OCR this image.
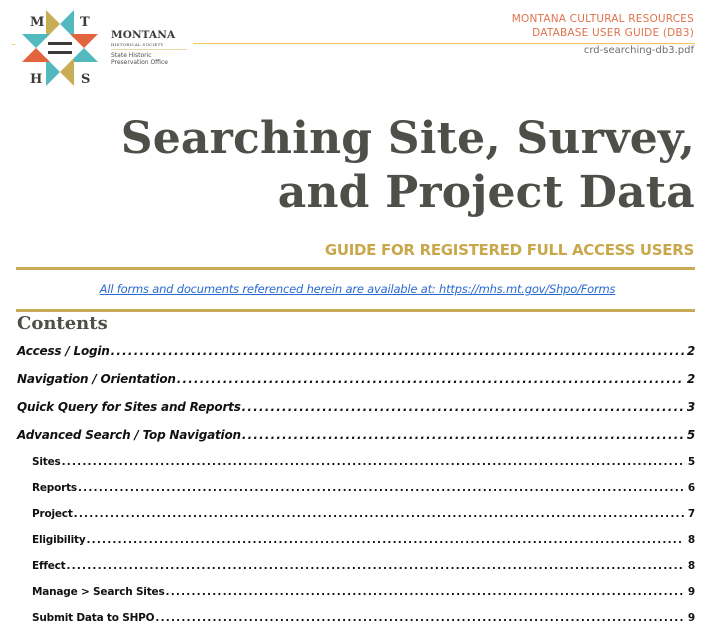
M	T
H	S
MONTANA
HISTORICAL SOCIETY
State Historic
Preservation Office
MONTANA CULTURAL RESOURCES
DATABASE USER GUIDE (DB3)
crd-searching-db3.pdf
Searching Site, Survey,
and Project Data
GUIDE FOR REGISTERED FULL ACCESS USERS
All forms and documents referenced herein are available at: https://mhs.mt.gov/Shpo/Forms
Contents
Access / Login .....	2
Navigation / Orientation .....	2
Quick Query for Sites and Reports .....	3
Advanced Search / Top Navigation .....	5
Sites .....	5
Reports .....	6
Project .....	7
Eligibility .....	8
Effect .....	8
Manage > Search Sites .....	9
Submit Data to SHPO .....	9
